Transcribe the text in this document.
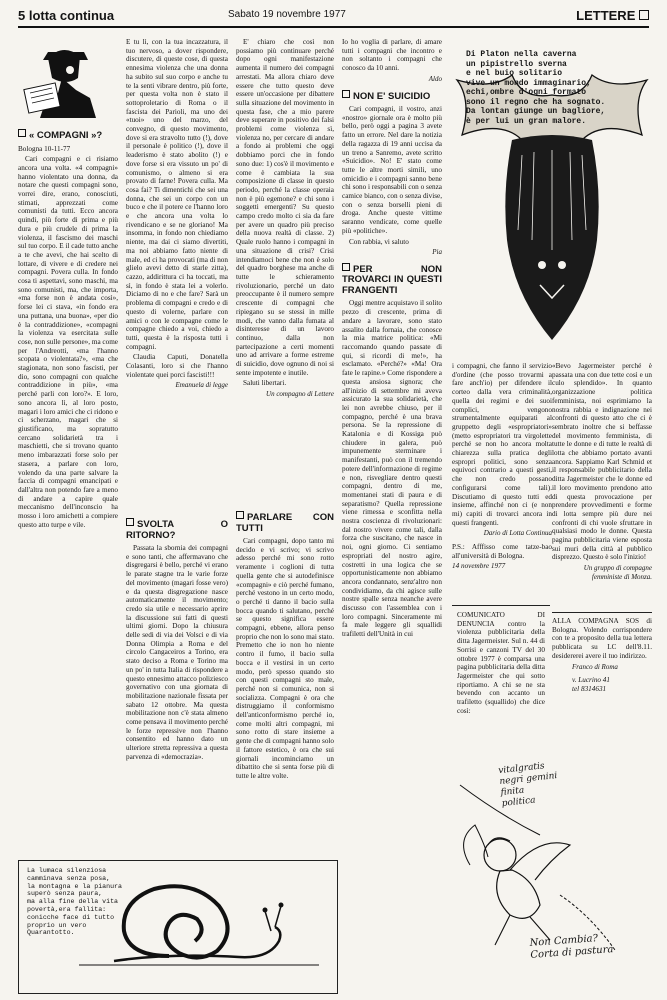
5 lotta continua	Sabato 19 novembre 1977	LETTERE
« COMPAGNI »?

Bologna 10-11-77

Cari compagni e ci risiamo ancora una volta. «4 compagni» hanno violentato una donna, da notare che questi compagni sono, vorrei dire, erano, conosciuti, stimati, apprezzati come comunisti da tutti. Ecco ancora quindi, più forte di prima e più dura e più crudele di prima la violenza, il fascismo dei maschi sul tuo corpo. E il cade tutto anche a te che avevi, che hai scelto di lottare, di vivere e di credere nei compagni. Povera culla. In fondo cosa ti aspettavi, sono maschi, ma sono comunisti, ma, che importa, «ma forse non è andata così», forse lei ci stava, «in fondo era una puttana, una buona», «per dio è la contraddizione», «compagni la violenza va esercitata sulle cose, non sulle persone», ma come per l'Andreotti, «ma l'hanno scopata o violentata?», «ma che stagionata, non sono fascisti, per dio, sono compagni con qualche contraddizione in più», «ma perché parli con loro?». E loro, sono ancora lì, al loro posto, magari i loro amici che ci ridono e ci scherzano, magari che si giustificano, ma sopratutto cercano solidarietà tra i maschietti, che si trovano quanto meno imbarazzati forse solo per stasera, a parlare con loro, volendo da una parte salvare la faccia di compagni emancipati e dall'altra non potendo fare a meno di andare a capire quale meccanismo dell'inconscio ha mosso i loro amichetti a compiere questo atto turpe e vile.

E tu lì, con la tua incazzatura, il tuo nervoso, a dover rispondere, discutere, di queste cose, di questa ennesima violenza che una donna ha subito sul suo corpo e anche tu te la senti vibrare dentro, più forte, per questa volta non è stato il sottoproletario di Roma o il fascista dei Parioli, ma uno dei «tuoi» uno del marzo, del convegno, di questo movimento, dove si era stravolto tutto (!), dove il personale è politico (!), dove il leaderismo è stato abolito (!) e dove forse si era vissuto un po' di comunismo, o almeno si era provato di farne! Povera culla. Ma cosa fai? Ti dimentichi che sei una donna, che sei un corpo con un buco e che il potere ce l'hanno loro e che ancora una volta lo rivendicano e se ne gloriano! Ma insomma, in fondo non chiediamo niente, ma dai ci siamo divertiti, ma noi abbiamo fatto niente di male, ed ci ha provocati (ma di non glielo avevi detto di starle zitta), cazzo, addirittura ci ha toccati, ma sì, in fondo è stata lei a volerlo. Diciamo di no e che fare? Sarà un problema di compagni e credo e di questo di volerne, parlare con amici o con le compagne come le compagne chiedo a voi, chiedo a tutti, questa è la risposta tutti i compagni.

Claudia Caputi, Donatella Colasanti, loro si che l'hanno violentate quei porci fascisti!!!

Emanuela di legge
SVOLTA O RITORNO?

Passata la sbornia dei compagni e sono tanti, che affermavano che disgregarsi è bello, perché vi erano le parate stagne tra le varie forze del movimento (magari fosse vero) e da questa disgregazione nasce automaticamente il movimento; credo sia utile e necessario aprire la discussione sui fatti di questi ultimi giorni. Dopo la chiusura delle sedi di via dei Volsci e di via Donna Olimpia a Roma e del circolo Cangaceiros a Torino, era stato deciso a Roma e Torino ma un po' in tutta Italia di rispondere a questo ennesimo attacco poliziesco governativo con una giornata di mobilitazione nazionale fissata per sabato 12 ottobre. Ma questa mobilitazione non c'è stata almeno come pensava il movimento perché le forze repressive non l'hanno consentito ed hanno dato un ulteriore stretta repressiva a questa parvenza di «democrazia».

E' chiaro che così non possiamo più continuare perché dopo ogni manifestazione aumenta il numero dei compagni arrestati. Ma allora chiaro deve essere che tutto questo deve essere un'occasione per dibattere sulla situazione del movimento in questa fase, che a mio parere deve superare in positivo dei falsi problemi come violenza sì, violenza no, per cercare di andare a fondo ai problemi che oggi dobbiamo porci che in fondo sono due: 1) cos'è il movimento e come è cambiata la sua composizione di classe in questo periodo, perché la classe operaia non è più egemone? e chi sono i soggetti emergenti? Su questo campo credo molto ci sia da fare per avere un quadro più preciso della nuova realtà di classe. 2) Quale ruolo hanno i compagni in una situazione di crisi? Crisi intendiamoci bene che non è solo del quadro borghese ma anche di tutte le schieramento rivoluzionario, perché un dato preoccupante è il numero sempre crescente di compagni che ripiegano su se stessi in mille modi, che vanno dalla fumata al disinteresse di un lavoro continuo, dalla non partecipazione a certi momenti uno ad arrivare a forme estreme di suicidio, dove ognuno di noi si sente impotente e inutile.

Saluti libertari.

Un compagno di Lettere
PARLARE CON TUTTI

Cari compagni, dopo tanto mi decido e vi scrivo; vi scrivo adesso perché mi sono rotto veramente i coglioni di tutta quella gente che si autodefinisce «compagni» e ciò perché fumano, perché vestono in un certo modo, o perché ti danno il bacio sulla bocca quando ti salutano, perché se questo significa essere compagni, ebbene, allora penso proprio che non lo sono mai stato. Premetto che io non ho niente contro il fumo, il bacio sulla bocca e il vestirsi in un certo modo, però spesso quando sto con questi compagni sto male, perché non si comunica, non si socializza. Compagni è ora che distruggiamo il conformismo dell'anticonformismo perché io, come molti altri compagni, mi sono rotto di stare insieme a gente che di compagni hanno solo il fattore estetico, è ora che sui giornali incominciamo un dibattito che si senta forse più di tutte le altre volte.

Io ho voglia di parlare, di amare tutti i compagni che incontro e non soltanto i compagni che conosco da 10 anni.

Aldo
NON E' SUICIDIO

Cari compagni, il vostro, anzi «nostro» giornale ora è molto più bello, però oggi a pagina 3 avete fatto un errore. Nel dare la notizia della ragazza di 19 anni uccisa da un treno a Sanremo, avete scritto «Suicidio». No! E' stato come tutte le altre morti simili, uno omicidio e i compagni sanno bene chi sono i responsabili con o senza camice bianco, con o senza divise, con o senza borselli pieni di droga. Anche queste vittime saranno vendicate, come quelle più «politiche».

Con rabbia, vi saluto

Pia
PER NON TROVARCI IN QUESTI FRANGENTI

Oggi mentre acquistavo il solito pezzo di crescente, prima di andare a lavorare, sono stato assalito dalla fornaia, che conosce la mia matrice politica: «Mi raccomando quando passate di qui, si ricordi di me!», ha esclamato. «Perché?» «Ma! Ora fate le rapine.» Come rispondere a questa ansiosa signora; che all'inizio di settembre mi aveva assicurato la sua solidarietà, che lei non avrebbe chiuso, per il compagno, perché è una brava persona. Se la repressione di Katalonia e di Kossiga può chiudere in galera, può impunemente sterminare i manifestanti, può con il tremendo potere dell'informazione di regime e non, risvegliare dentro questi compagni, dentro di me, momentanei stati di paura e di separatismo? Quella repressione viene rimessa e sconfitta nella nostra coscienza di rivoluzionari: dal nostro vivere come tali, dalla forza che suscitano, che nasce in noi, ogni giorno. Ci sentiamo espropriati del nostro agire, costretti in una logica che se opportunisticamente non abbiamo ancora condannato, senz'altro non condividiamo, da chi agisce sulle nostre spalle senza neanche avere discusso con l'assemblea con i loro compagni. Sinceramente mi fa male leggere gli squallidi trafiletti dell'Unità in cui

Di Platon nella caverna
un pipistrello sverna
e nel buio solitario
vive un mondo immaginario;
echi,ombre d'ogni formato
sono il regno che ha sognato.
Da lontan giunge un bagliore,
è per lui un gran malore.

i compagni, che fanno il servizio d'ordine (che posso trovarmi a fare anch'io) per difendere il corteo dalla vera criminalità, quella dei regimi e dei suoi complici, vengono strumentalmente equiparati al gruppetto degli «espropriatori» (metto espropriatori tra virgolette perché se non ho ancora molta chiarezza sulla pratica degli espropri politici, sono senza equivoci contrario a questi gesti, che non credo possano configurarsi come tali). Discutiamo di questo tutti ed insieme, affinché non ci (e non mi) capiti di trovarci ancora in questi frangenti.

Dario di Lotta Continua

P.S.: Afffisso come tatze-bao all'università di Bologna.

14 novembre 1977

COMUNICATO DI DENUNCIA contro la violenza pubblicitaria della ditta Jagermeister. Sul n. 44 di Sorrisi e canzoni TV del 30 ottobre 1977 è comparsa una pagina pubblicitaria della ditta Jagermeister che qui sotto riportiamo. A chi se ne sta bevendo con accanto un trafiletto (squallido) che dice così:

«Bevo Jagermeister perché è passata una con due tette così e un culo splendido». In quanto organizzazione politica femminista, noi esprimiamo la nostra rabbia e indignazione nei confronti di questo atto che ci è sembrato inoltre che si beffasse del movimento femminista, di tutte le donne e di tutte le realtà di lotta che abbiamo portato avanti ancora. Sappiamo Karl Schmid et il responsabile pubblicitario della ditta Jagermeister che le donne ed il loro movimento prendono atto di questa provocazione per prendere provvedimenti e forme di lotta sempre più dure nei confronti di chi vuole sfruttare in qualsiasi modo le donne. Questa pagina pubblicitaria viene esposta sui muri della città al pubblico disprezzo. Questo è solo l'inizio!

Un gruppo di compagne femministe di Monza.

ALLA COMPAGNA SOS di Bologna. Volendo corrispondere con te a proposito della tua lettera pubblicata su LC dell'8.11. desidererei avere il tuo indirizzo.

Franco di Roma
v. Lucrino 41
tel 8314631
La lumaca silenziosa
camminava senza posa,
la montagna e la pianura
superò senza paura,
ma alla fine della vita
povertà,era fallita:
conicche face di tutto
proprio un vero
Quarantotto.
vitalgratis
negri gemini
finita
politica
Non Cambia?
Corta di pastura
